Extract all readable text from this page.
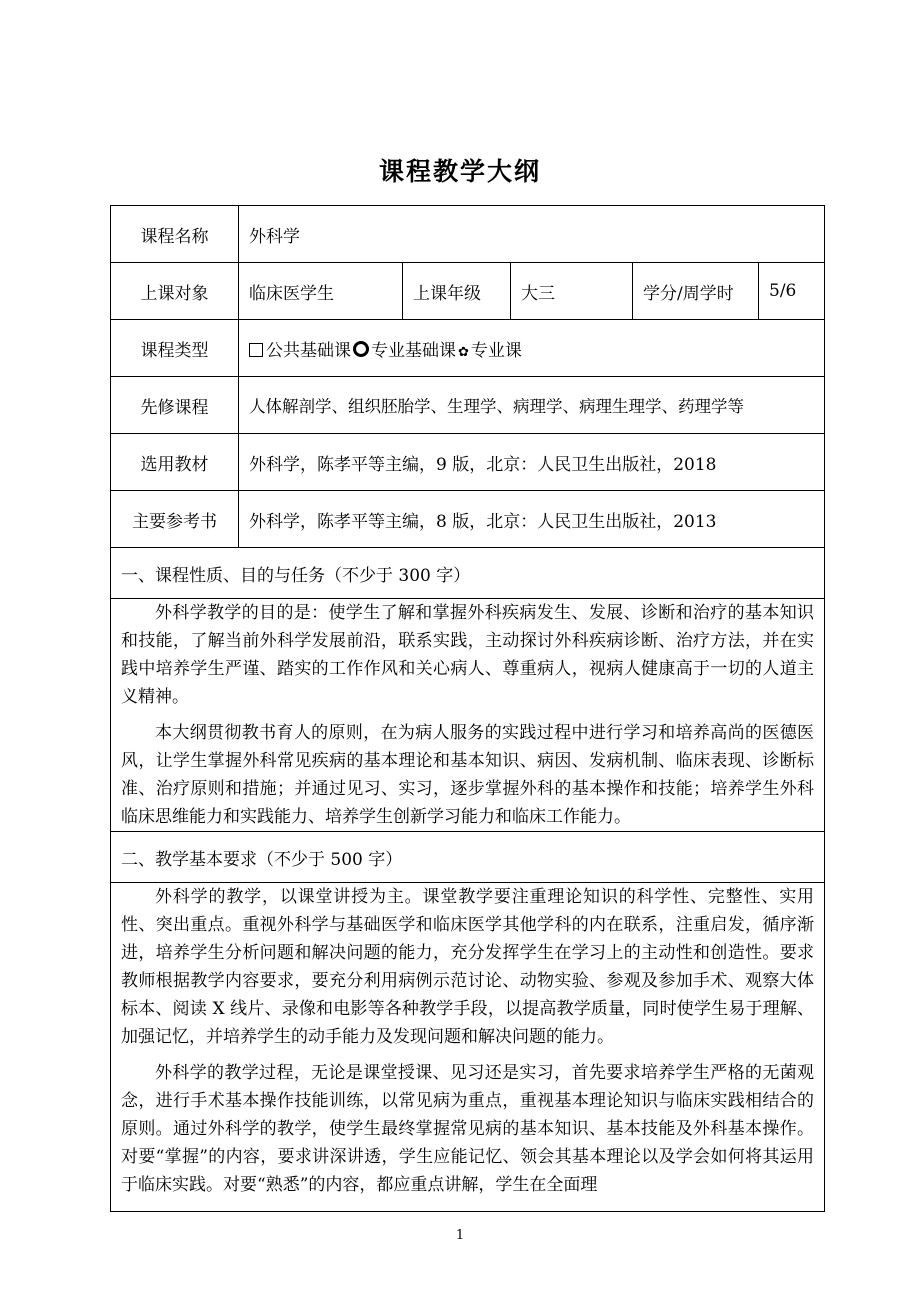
课程教学大纲
课程名称	外科学				
上课对象	临床医学生	上课年级	大三	学分/周学时	5/6
课程类型	公共基础课 专业基础课 ✿ 专业课				
先修课程	人体解剖学、组织胚胎学、生理学、病理学、病理生理学、药理学等				
选用教材	外科学，陈孝平等主编，9 版，北京：人民卫生出版社，2018				
主要参考书	外科学，陈孝平等主编，8 版，北京：人民卫生出版社，2013				
一、课程性质、目的与任务（不少于 300 字）					

外科学教学的目的是：使学生了解和掌握外科疾病发生、发展、诊断和治疗的基本知识和技能，了解当前外科学发展前沿，联系实践，主动探讨外科疾病诊断、治疗方法，并在实践中培养学生严谨、踏实的工作作风和关心病人、尊重病人，视病人健康高于一切的人道主义精神。

本大纲贯彻教书育人的原则，在为病人服务的实践过程中进行学习和培养高尚的医德医风，让学生掌握外科常见疾病的基本理论和基本知识、病因、发病机制、临床表现、诊断标准、治疗原则和措施；并通过见习、实习，逐步掌握外科的基本操作和技能；培养学生外科临床思维能力和实践能力、培养学生创新学习能力和临床工作能力。					

二、教学基本要求（不少于 500 字）					

外科学的教学，以课堂讲授为主。课堂教学要注重理论知识的科学性、完整性、实用性、突出重点。重视外科学与基础医学和临床医学其他学科的内在联系，注重启发，循序渐进，培养学生分析问题和解决问题的能力，充分发挥学生在学习上的主动性和创造性。要求教师根据教学内容要求，要充分利用病例示范讨论、动物实验、参观及参加手术、观察大体标本、阅读 X 线片、录像和电影等各种教学手段，以提高教学质量，同时使学生易于理解、加强记忆，并培养学生的动手能力及发现问题和解决问题的能力。

外科学的教学过程，无论是课堂授课、见习还是实习，首先要求培养学生严格的无菌观念，进行手术基本操作技能训练，以常见病为重点，重视基本理论知识与临床实践相结合的原则。通过外科学的教学，使学生最终掌握常见病的基本知识、基本技能及外科基本操作。对要“掌握”的内容，要求讲深讲透，学生应能记忆、领会其基本理论以及学会如何将其运用于临床实践。对要“熟悉”的内容，都应重点讲解，学生在全面理					

1
